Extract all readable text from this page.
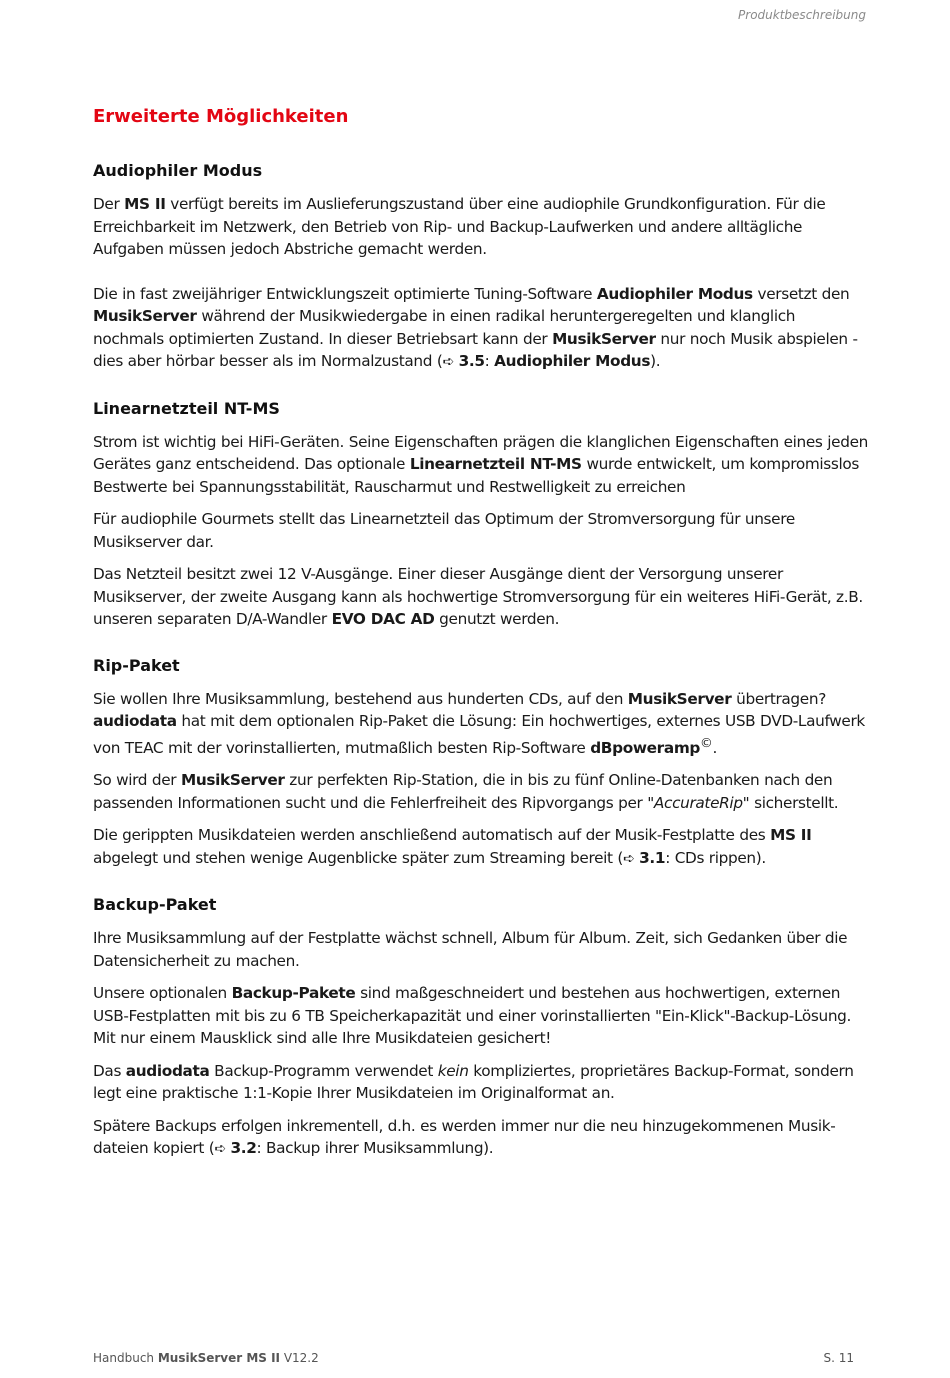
Produktbeschreibung
Erweiterte Möglichkeiten
Audiophiler Modus

Der MS II verfügt bereits im Auslieferungszustand über eine audiophile Grundkonfiguration. Für die Erreichbarkeit im Netzwerk, den Betrieb von Rip- und Backup-Laufwerken und andere alltägliche Aufgaben müssen jedoch Abstriche gemacht werden.

Die in fast zweijähriger Entwicklungszeit optimierte Tuning-Software Audiophiler Modus versetzt den MusikServer während der Musikwiedergabe in einen radikal heruntergeregelten und klanglich nochmals optimierten Zustand. In dieser Betriebsart kann der MusikServer nur noch Musik abspielen - dies aber hörbar besser als im Normalzustand (➪ 3.5: Audiophiler Modus).

Linearnetzteil NT-MS

Strom ist wichtig bei HiFi-Geräten. Seine Eigenschaften prägen die klanglichen Eigenschaften eines jeden Gerätes ganz entscheidend. Das optionale Linearnetzteil NT-MS wurde entwickelt, um kompromisslos Bestwerte bei Spannungsstabilität, Rauscharmut und Restwelligkeit zu erreichen

Für audiophile Gourmets stellt das Linearnetzteil das Optimum der Stromversorgung für unsere Musikserver dar.

Das Netzteil besitzt zwei 12 V-Ausgänge. Einer dieser Ausgänge dient der Versorgung unserer Musikserver, der zweite Ausgang kann als hochwertige Stromversorgung für ein weiteres HiFi-Gerät, z.B. unseren separaten D/A-Wandler EVO DAC AD genutzt werden.

Rip-Paket

Sie wollen Ihre Musiksammlung, bestehend aus hunderten CDs, auf den MusikServer übertragen? audiodata hat mit dem optionalen Rip-Paket die Lösung: Ein hochwertiges, externes USB DVD-Laufwerk von TEAC mit der vorinstallierten, mutmaßlich besten Rip-Software dBpoweramp©.

So wird der MusikServer zur perfekten Rip-Station, die in bis zu fünf Online-Datenbanken nach den passenden Informationen sucht und die Fehlerfreiheit des Ripvorgangs per "AccurateRip" sicherstellt.

Die gerippten Musikdateien werden anschließend automatisch auf der Musik-Festplatte des MS II abgelegt und stehen wenige Augenblicke später zum Streaming bereit (➪ 3.1: CDs rippen).

Backup-Paket

Ihre Musiksammlung auf der Festplatte wächst schnell, Album für Album. Zeit, sich Gedanken über die Datensicherheit zu machen.

Unsere optionalen Backup-Pakete sind maßgeschneidert und bestehen aus hochwertigen, externen USB-Festplatten mit bis zu 6 TB Speicherkapazität und einer vorinstallierten "Ein-Klick"-Backup-Lösung. Mit nur einem Mausklick sind alle Ihre Musikdateien gesichert!

Das audiodata Backup-Programm verwendet kein kompliziertes, proprietäres Backup-Format, sondern legt eine praktische 1:1-Kopie Ihrer Musikdateien im Originalformat an.

Spätere Backups erfolgen inkrementell, d.h. es werden immer nur die neu hinzugekommenen Musik-dateien kopiert (➪ 3.2: Backup ihrer Musiksammlung).

Handbuch MusikServer MS II V12.2	S. 11
